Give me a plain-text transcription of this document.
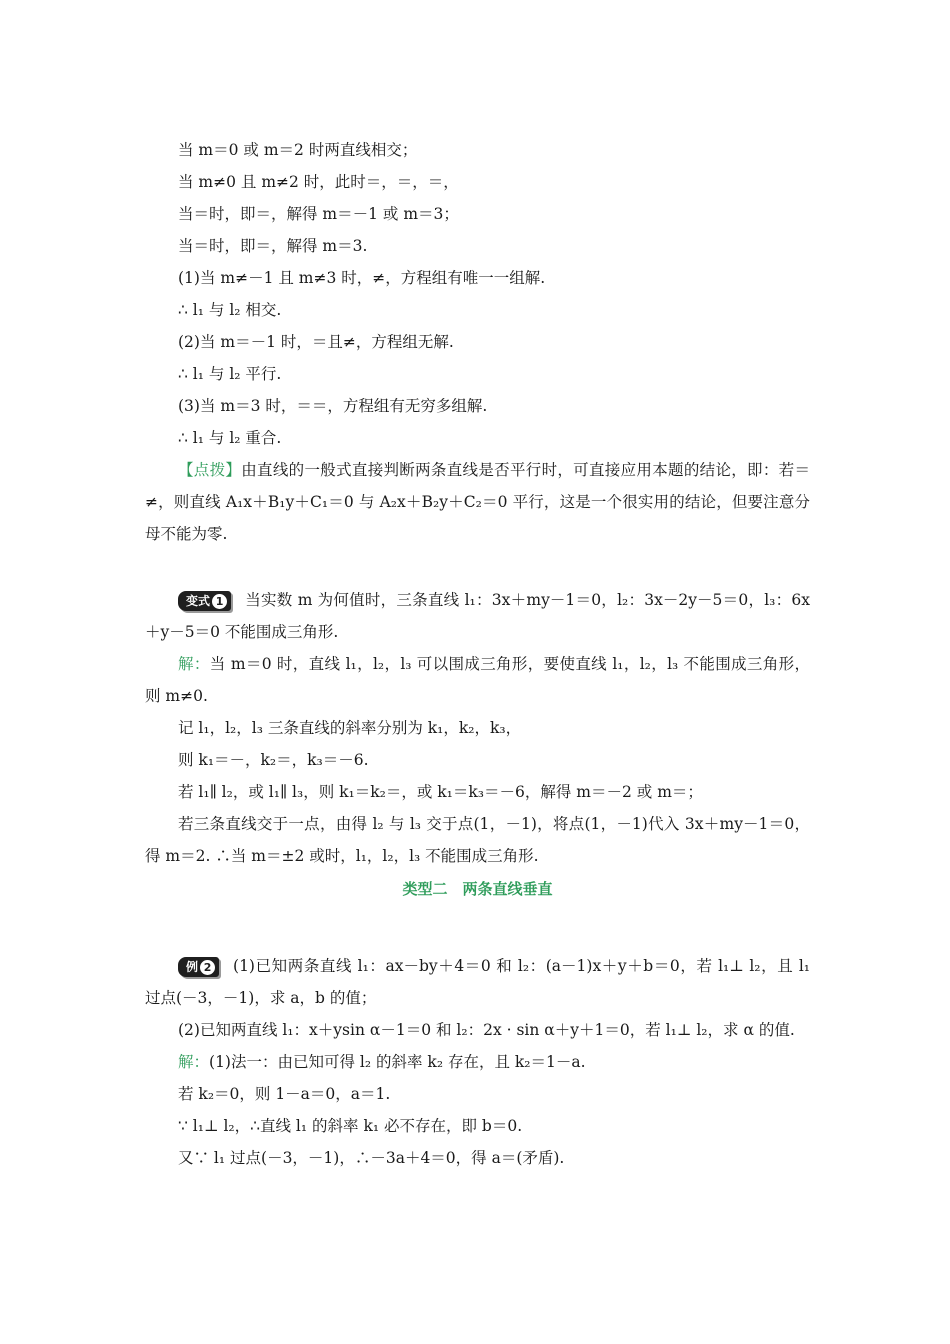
当 m＝0 或 m＝2 时两直线相交；

当 m≠0 且 m≠2 时，此时＝，＝，＝，

当＝时，即＝，解得 m＝－1 或 m＝3；

当＝时，即＝，解得 m＝3.

(1)当 m≠－1 且 m≠3 时，≠，方程组有唯一一组解.

∴ l₁ 与 l₂ 相交.

(2)当 m＝－1 时，＝且≠，方程组无解.

∴ l₁ 与 l₂ 平行.

(3)当 m＝3 时，＝＝，方程组有无穷多组解.

∴ l₁ 与 l₂ 重合.

【点拨】由直线的一般式直接判断两条直线是否平行时，可直接应用本题的结论，即：若＝≠，则直线 A₁x＋B₁y＋C₁＝0 与 A₂x＋B₂y＋C₂＝0 平行，这是一个很实用的结论，但要注意分母不能为零.

变式 1 当实数 m 为何值时，三条直线 l₁：3x＋my－1＝0，l₂：3x－2y－5＝0，l₃：6x＋y－5＝0 不能围成三角形.

解：当 m＝0 时，直线 l₁，l₂，l₃ 可以围成三角形，要使直线 l₁，l₂，l₃ 不能围成三角形，则 m≠0.

记 l₁，l₂，l₃ 三条直线的斜率分别为 k₁，k₂，k₃，

则 k₁＝－，k₂＝，k₃＝－6.

若 l₁∥ l₂，或 l₁∥ l₃，则 k₁＝k₂＝，或 k₁＝k₃＝－6，解得 m＝－2 或 m＝；

若三条直线交于一点，由得 l₂ 与 l₃ 交于点(1，－1)，将点(1，－1)代入 3x＋my－1＝0，得 m＝2. ∴当 m＝±2 或时，l₁，l₂，l₃ 不能围成三角形.

类型二　两条直线垂直

例 2 (1)已知两条直线 l₁：ax－by＋4＝0 和 l₂：(a－1)x＋y＋b＝0，若 l₁⊥ l₂，且 l₁ 过点(－3，－1)，求 a，b 的值；

(2)已知两直线 l₁：x＋ysin α－1＝0 和 l₂：2x · sin α＋y＋1＝0，若 l₁⊥ l₂，求 α 的值.

解：(1)法一：由已知可得 l₂ 的斜率 k₂ 存在，且 k₂＝1－a.

若 k₂＝0，则 1－a＝0，a＝1.

∵ l₁⊥ l₂，∴直线 l₁ 的斜率 k₁ 必不存在，即 b＝0.

又∵ l₁ 过点(－3，－1)，∴－3a＋4＝0，得 a＝(矛盾).
